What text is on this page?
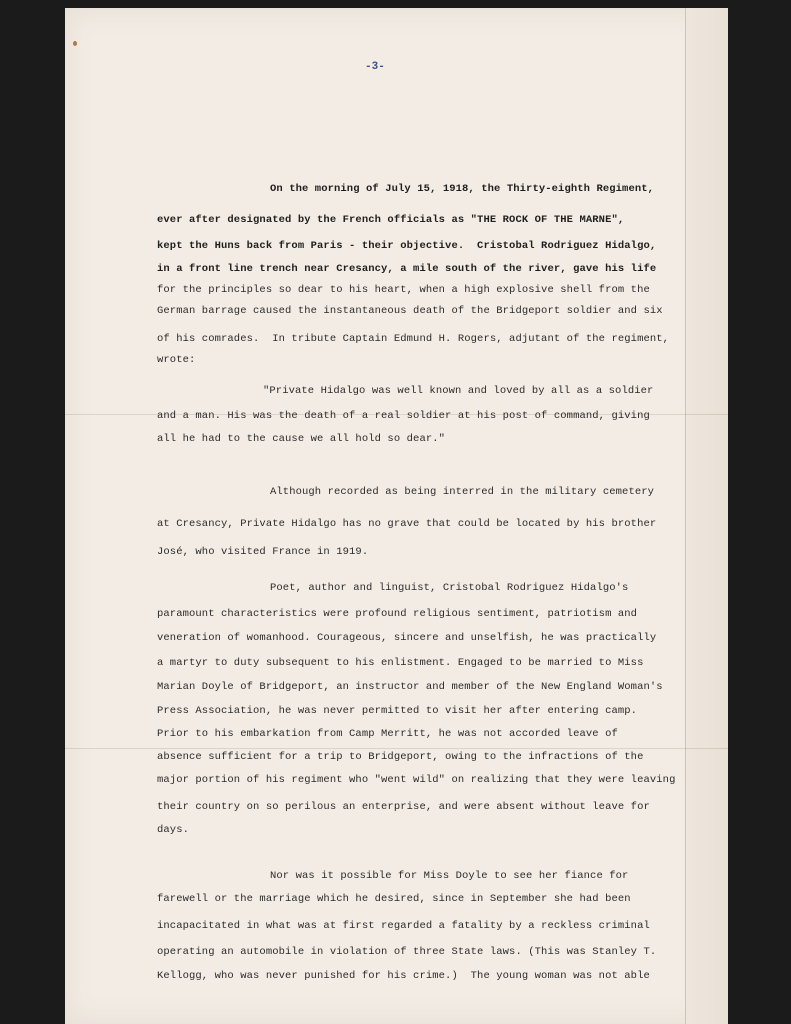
-3-
On the morning of July 15, 1918, the Thirty-eighth Regiment,
ever after designated by the French officials as "THE ROCK OF THE MARNE",
kept the Huns back from Paris - their objective.  Cristobal Rodriguez Hidalgo,
in a front line trench near Cresancy, a mile south of the river, gave his life
for the principles so dear to his heart, when a high explosive shell from the
German barrage caused the instantaneous death of the Bridgeport soldier and six
of his comrades.  In tribute Captain Edmund H. Rogers, adjutant of the regiment,
wrote:
"Private Hidalgo was well known and loved by all as a soldier
and a man. His was the death of a real soldier at his post of command, giving
all he had to the cause we all hold so dear."
Although recorded as being interred in the military cemetery
at Cresancy, Private Hidalgo has no grave that could be located by his brother
José, who visited France in 1919.
Poet, author and linguist, Cristobal Rodriguez Hidalgo's
paramount characteristics were profound religious sentiment, patriotism and
veneration of womanhood. Courageous, sincere and unselfish, he was practically
a martyr to duty subsequent to his enlistment. Engaged to be married to Miss
Marian Doyle of Bridgeport, an instructor and member of the New England Woman's
Press Association, he was never permitted to visit her after entering camp.
Prior to his embarkation from Camp Merritt, he was not accorded leave of
absence sufficient for a trip to Bridgeport, owing to the infractions of the
major portion of his regiment who "went wild" on realizing that they were leaving
their country on so perilous an enterprise, and were absent without leave for
days.
Nor was it possible for Miss Doyle to see her fiance for
farewell or the marriage which he desired, since in September she had been
incapacitated in what was at first regarded a fatality by a reckless criminal
operating an automobile in violation of three State laws. (This was Stanley T.
Kellogg, who was never punished for his crime.)  The young woman was not able
